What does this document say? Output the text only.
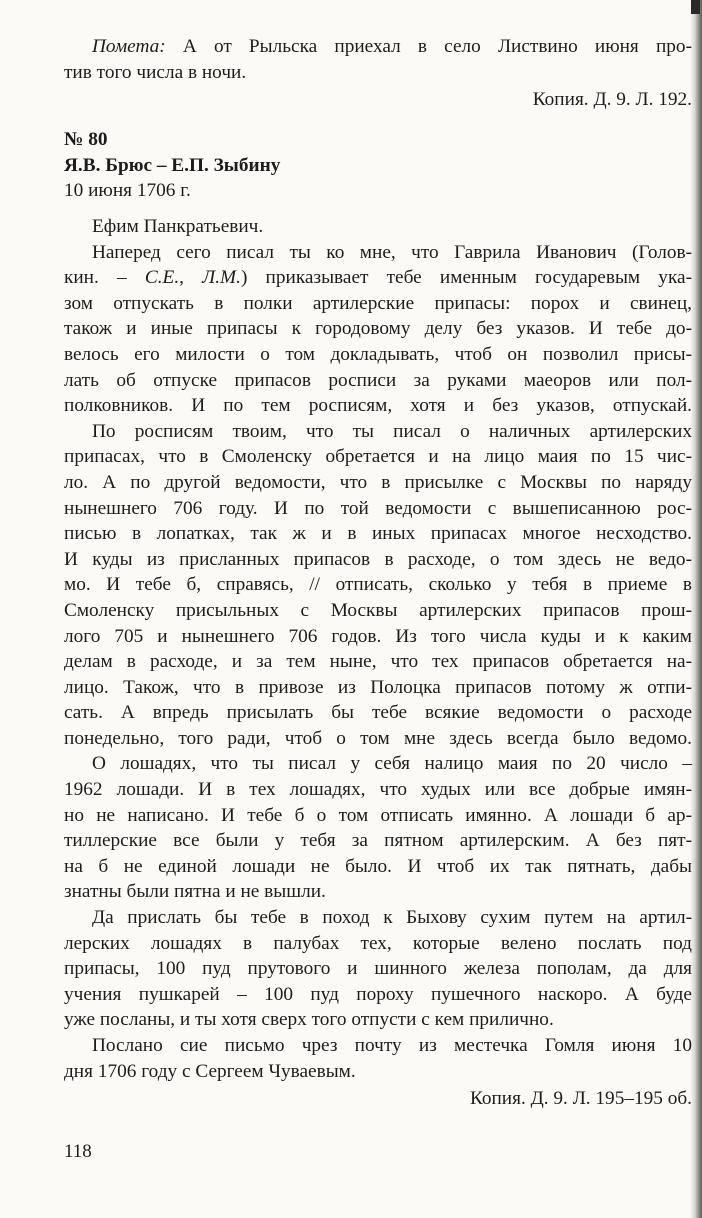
Помета: А от Рыльска приехал в село Листвино июня про-
тив того числа в ночи.
Копия. Д. 9. Л. 192.
№ 80
Я.В. Брюс – Е.П. Зыбину
10 июня 1706 г.
Ефим Панкратьевич.
Наперед сего писал ты ко мне, что Гаврила Иванович (Голов-
кин. – С.Е., Л.М.) приказывает тебе именным государевым ука-
зом отпускать в полки артилерские припасы: порох и свинец,
також и иные припасы к городовому делу без указов. И тебе до-
велось его милости о том докладывать, чтоб он позволил присы-
лать об отпуске припасов росписи за руками маеоров или пол-
полковников. И по тем росписям, хотя и без указов, отпускай.
По росписям твоим, что ты писал о наличных артилерских
припасах, что в Смоленску обретается и на лицо маия по 15 чис-
ло. А по другой ведомости, что в присылке с Москвы по наряду
нынешнего 706 году. И по той ведомости с вышеписанною рос-
писью в лопатках, так ж и в иных припасах многое несходство.
И куды из присланных припасов в расходе, о том здесь не ведо-
мо. И тебе б, справясь, // отписать, сколько у тебя в приеме в
Смоленску присыльных с Москвы артилерских припасов прош-
лого 705 и нынешнего 706 годов. Из того числа куды и к каким
делам в расходе, и за тем ныне, что тех припасов обретается на-
лицо. Також, что в привозе из Полоцка припасов потому ж отпи-
сать. А впредь присылать бы тебе всякие ведомости о расходе
понедельно, того ради, чтоб о том мне здесь всегда было ведомо.
О лошадях, что ты писал у себя налицо маия по 20 число –
1962 лошади. И в тех лошадях, что худых или все добрые имян-
но не написано. И тебе б о том отписать имянно. А лошади б ар-
тиллерские все были у тебя за пятном артилерским. А без пят-
на б не единой лошади не было. И чтоб их так пятнать, дабы
знатны были пятна и не вышли.
Да прислать бы тебе в поход к Быхову сухим путем на артил-
лерских лошадях в палубах тех, которые велено послать под
припасы, 100 пуд прутового и шинного железа пополам, да для
учения пушкарей – 100 пуд пороху пушечного наскоро. А буде
уже посланы, и ты хотя сверх того отпусти с кем прилично.
Послано сие письмо чрез почту из местечка Гомля июня 10
дня 1706 году с Сергеем Чуваевым.
Копия. Д. 9. Л. 195–195 об.
118
